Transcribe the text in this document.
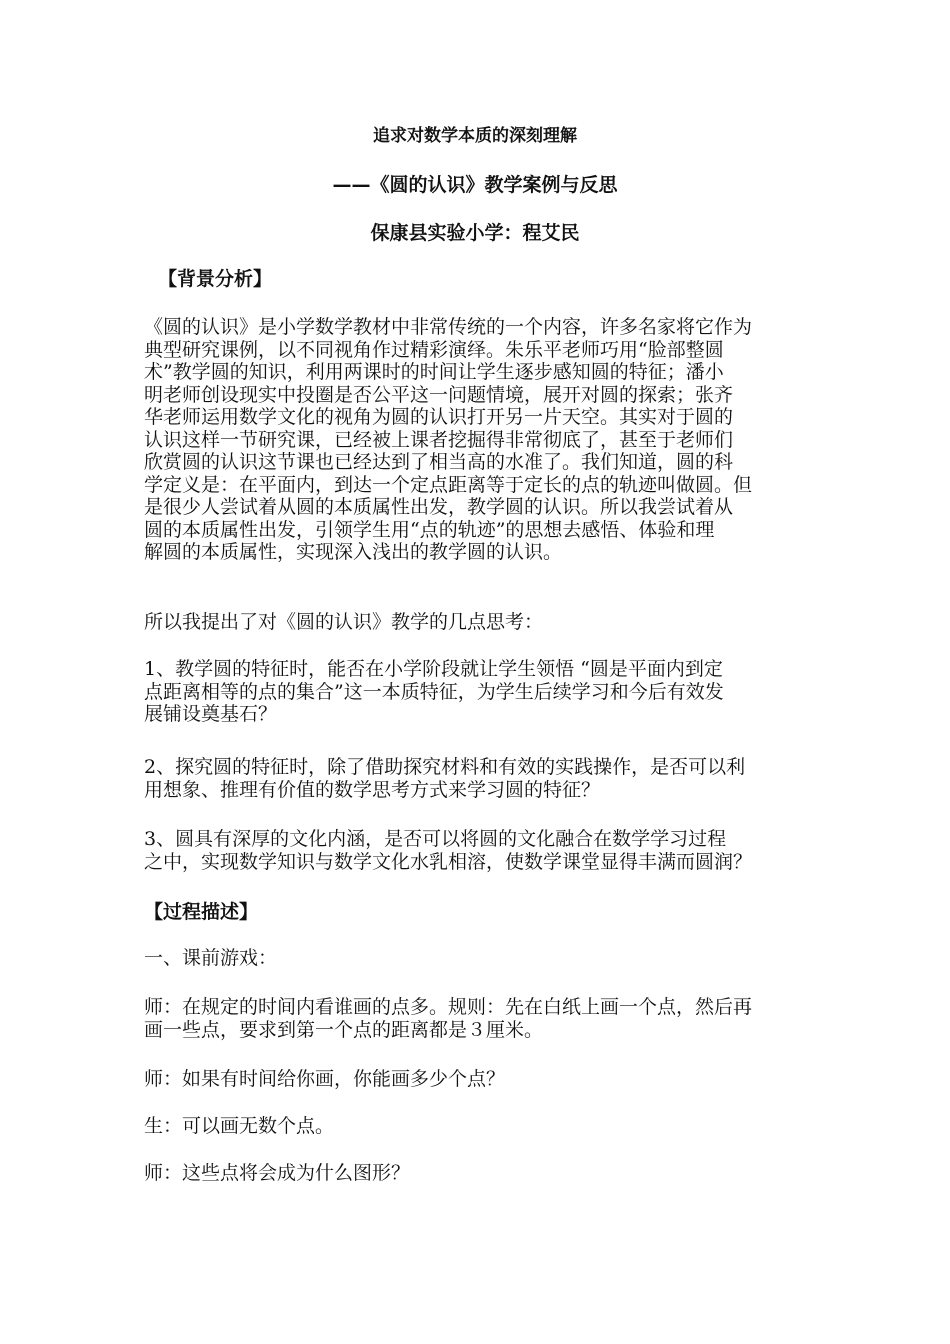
追求对数学本质的深刻理解
——《圆的认识》教学案例与反思
保康县实验小学：程艾民
【背景分析】
《圆的认识》是小学数学教材中非常传统的一个内容，许多名家将它作为
典型研究课例，以不同视角作过精彩演绎。朱乐平老师巧用“脸部整圆
术”教学圆的知识，利用两课时的时间让学生逐步感知圆的特征；潘小
明老师创设现实中投圈是否公平这一问题情境，展开对圆的探索；张齐
华老师运用数学文化的视角为圆的认识打开另一片天空。其实对于圆的
认识这样一节研究课，已经被上课者挖掘得非常彻底了，甚至于老师们
欣赏圆的认识这节课也已经达到了相当高的水准了。我们知道，圆的科
学定义是：在平面内，到达一个定点距离等于定长的点的轨迹叫做圆。但
是很少人尝试着从圆的本质属性出发，教学圆的认识。所以我尝试着从
圆的本质属性出发，引领学生用“点的轨迹”的思想去感悟、体验和理
解圆的本质属性，实现深入浅出的教学圆的认识。
所以我提出了对《圆的认识》教学的几点思考：
1、教学圆的特征时，能否在小学阶段就让学生领悟 “圆是平面内到定
点距离相等的点的集合”这一本质特征，为学生后续学习和今后有效发
展铺设奠基石？
2、探究圆的特征时，除了借助探究材料和有效的实践操作，是否可以利
用想象、推理有价值的数学思考方式来学习圆的特征？
3、圆具有深厚的文化内涵，是否可以将圆的文化融合在数学学习过程
之中，实现数学知识与数学文化水乳相溶，使数学课堂显得丰满而圆润？
【过程描述】
一、课前游戏：
师：在规定的时间内看谁画的点多。规则：先在白纸上画一个点，然后再
画一些点，要求到第一个点的距离都是３厘米。
师：如果有时间给你画，你能画多少个点？
生：可以画无数个点。
师：这些点将会成为什么图形？
